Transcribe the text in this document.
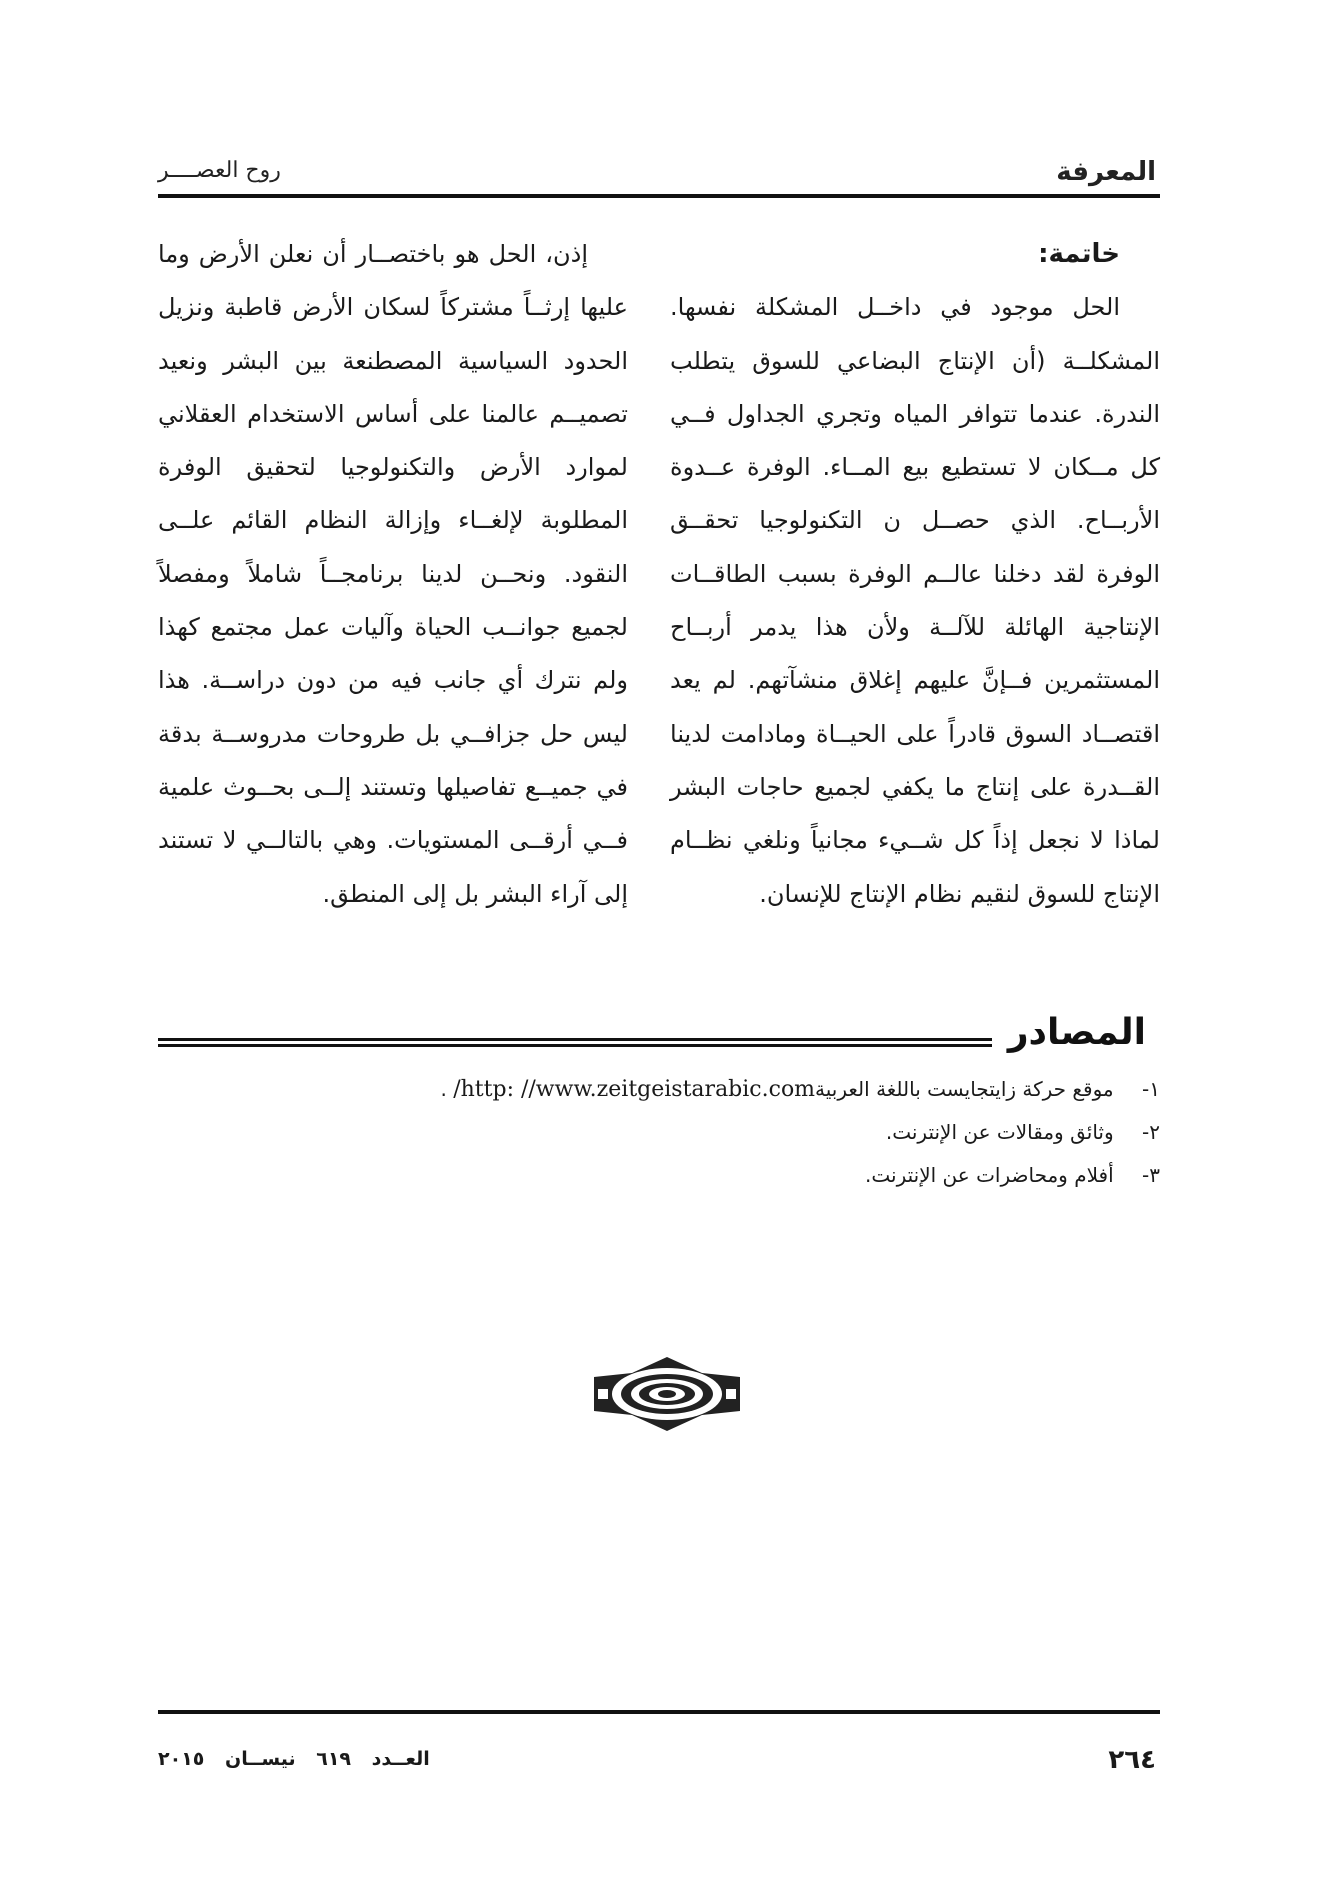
المعرفة
روح العصــــر
خاتمة:
الحل موجود في داخــل المشكلة نفسها. المشكلــة (أن الإنتاج البضاعي للسوق يتطلب الندرة. عندما تتوافر المياه وتجري الجداول فــي كل مــكان لا تستطيع بيع المــاء. الوفرة عــدوة الأربــاح. الذي حصــل ن التكنولوجيا تحقــق الوفرة لقد دخلنا عالــم الوفرة بسبب الطاقــات الإنتاجية الهائلة للآلــة ولأن هذا يدمر أربــاح المستثمرين فــإنَّ عليهم إغلاق منشآتهم. لم يعد اقتصــاد السوق قادراً على الحيــاة ومادامت لدينا القــدرة على إنتاج ما يكفي لجميع حاجات البشر لماذا لا نجعل إذاً كل شــيء مجانياً ونلغي نظــام الإنتاج للسوق لنقيم نظام الإنتاج للإنسان.
إذن، الحل هو باختصــار أن نعلن الأرض وما عليها إرثــاً مشتركاً لسكان الأرض قاطبة ونزيل الحدود السياسية المصطنعة بين البشر ونعيد تصميــم عالمنا على أساس الاستخدام العقلاني لموارد الأرض والتكنولوجيا لتحقيق الوفرة المطلوبة لإلغــاء وإزالة النظام القائم علــى النقود. ونحــن لدينا برنامجــاً شاملاً ومفصلاً لجميع جوانــب الحياة وآليات عمل مجتمع كهذا ولم نترك أي جانب فيه من دون دراســة. هذا ليس حل جزافــي بل طروحات مدروســة بدقة في جميــع تفاصيلها وتستند إلــى بحــوث علمية فــي أرقــى المستويات. وهي بالتالــي لا تستند إلى آراء البشر بل إلى المنطق.
المصادر
١- موقع حركة زايتجايست باللغة العربيةhttp: //www.zeitgeistarabic.com/ .
٢- وثائق ومقالات عن الإنترنت.
٣- أفلام ومحاضرات عن الإنترنت.
٢٦٤
العــدد ٦١٩ نيســان ٢٠١٥
